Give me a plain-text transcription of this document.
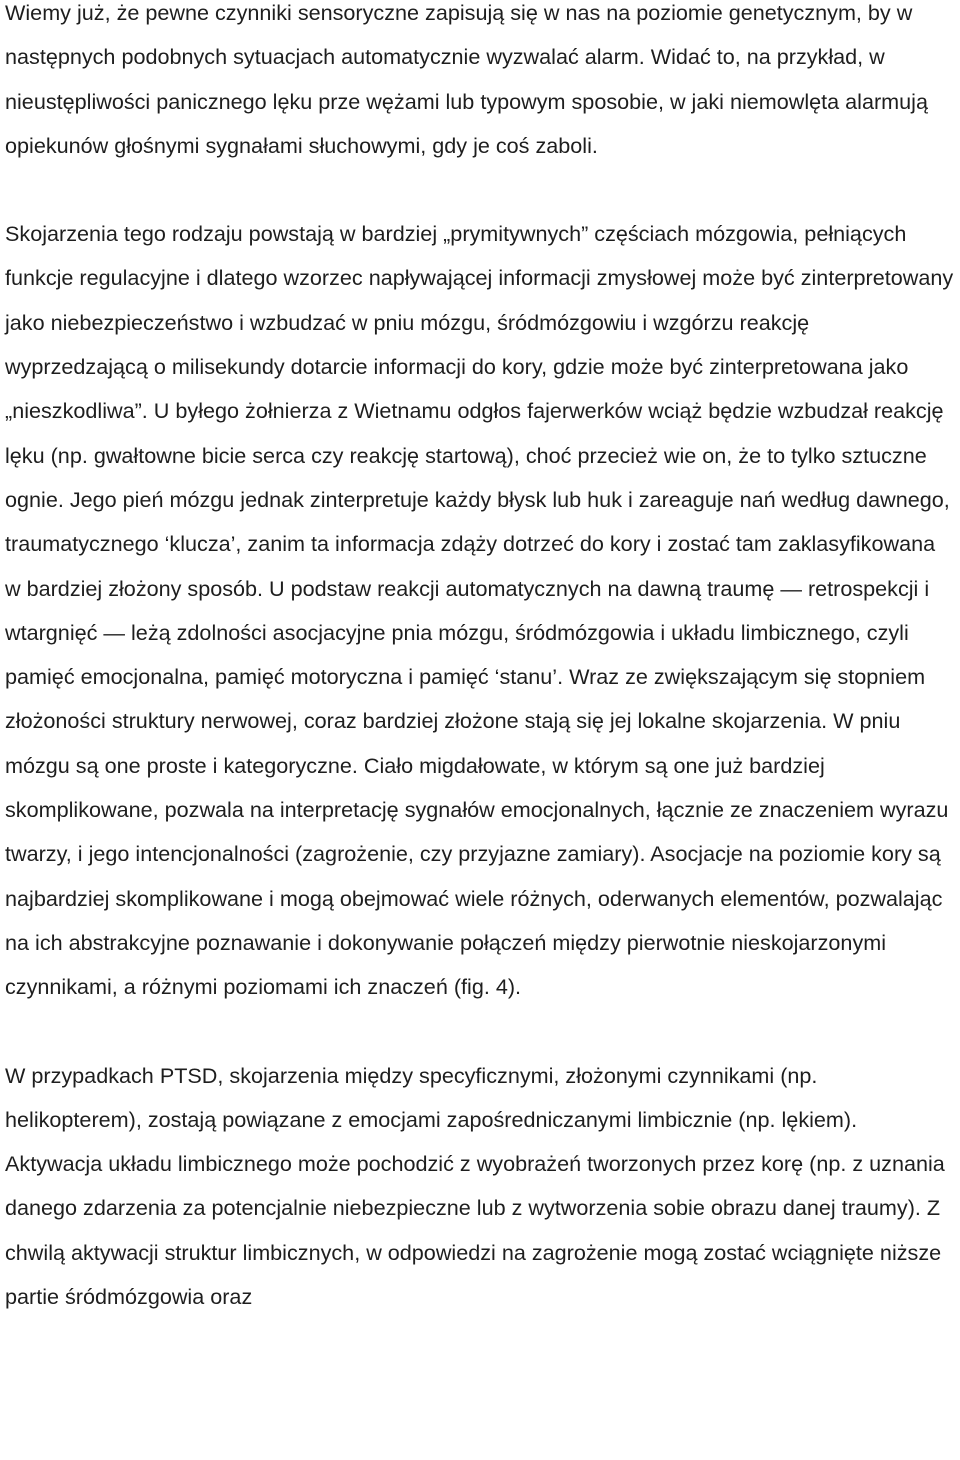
Wiemy już, że pewne czynniki sensoryczne zapisują się w nas na poziomie genetycznym, by w następnych podobnych sytuacjach automatycznie wyzwalać alarm. Widać to, na przykład, w nieustępliwości panicznego lęku prze wężami lub typowym sposobie, w jaki niemowlęta alarmują opiekunów głośnymi sygnałami słuchowymi, gdy je coś zaboli.

Skojarzenia tego rodzaju powstają w bardziej „prymitywnych” częściach mózgowia, pełniących funkcje regulacyjne i dlatego wzorzec napływającej informacji zmysłowej może być zinterpretowany jako niebezpieczeństwo i wzbudzać w pniu mózgu, śródmózgowiu i wzgórzu reakcję wyprzedzającą o milisekundy dotarcie informacji do kory, gdzie może być zinterpretowana jako „nieszkodliwa”. U byłego żołnierza z Wietnamu odgłos fajerwerków wciąż będzie wzbudzał reakcję lęku (np. gwałtowne bicie serca czy reakcję startową), choć przecież wie on, że to tylko sztuczne ognie. Jego pień mózgu jednak zinterpretuje każdy błysk lub huk i zareaguje nań według dawnego, traumatycznego ‘klucza’, zanim ta informacja zdąży dotrzeć do kory i zostać tam zaklasyfikowana w bardziej złożony sposób. U podstaw reakcji automatycznych na dawną traumę — retrospekcji i wtargnięć — leżą zdolności asocjacyjne pnia mózgu, śródmózgowia i układu limbicznego, czyli pamięć emocjonalna, pamięć motoryczna i pamięć ‘stanu’. Wraz ze zwiększającym się stopniem złożoności struktury nerwowej, coraz bardziej złożone stają się jej lokalne skojarzenia. W pniu mózgu są one proste i kategoryczne. Ciało migdałowate, w którym są one już bardziej skomplikowane, pozwala na interpretację sygnałów emocjonalnych, łącznie ze znaczeniem wyrazu twarzy, i jego intencjonalności (zagrożenie, czy przyjazne zamiary). Asocjacje na poziomie kory są najbardziej skomplikowane i mogą obejmować wiele różnych, oderwanych elementów, pozwalając na ich abstrakcyjne poznawanie i dokonywanie połączeń między pierwotnie nieskojarzonymi czynnikami, a różnymi poziomami ich znaczeń (fig. 4).

W przypadkach PTSD, skojarzenia między specyficznymi, złożonymi czynnikami (np. helikopterem), zostają powiązane z emocjami zapośredniczanymi limbicznie (np. lękiem). Aktywacja układu limbicznego może pochodzić z wyobrażeń tworzonych przez korę (np. z uznania danego zdarzenia za potencjalnie niebezpieczne lub z wytworzenia sobie obrazu danej traumy). Z chwilą aktywacji struktur limbicznych, w odpowiedzi na zagrożenie mogą zostać wciągnięte niższe partie śródmózgowia oraz
